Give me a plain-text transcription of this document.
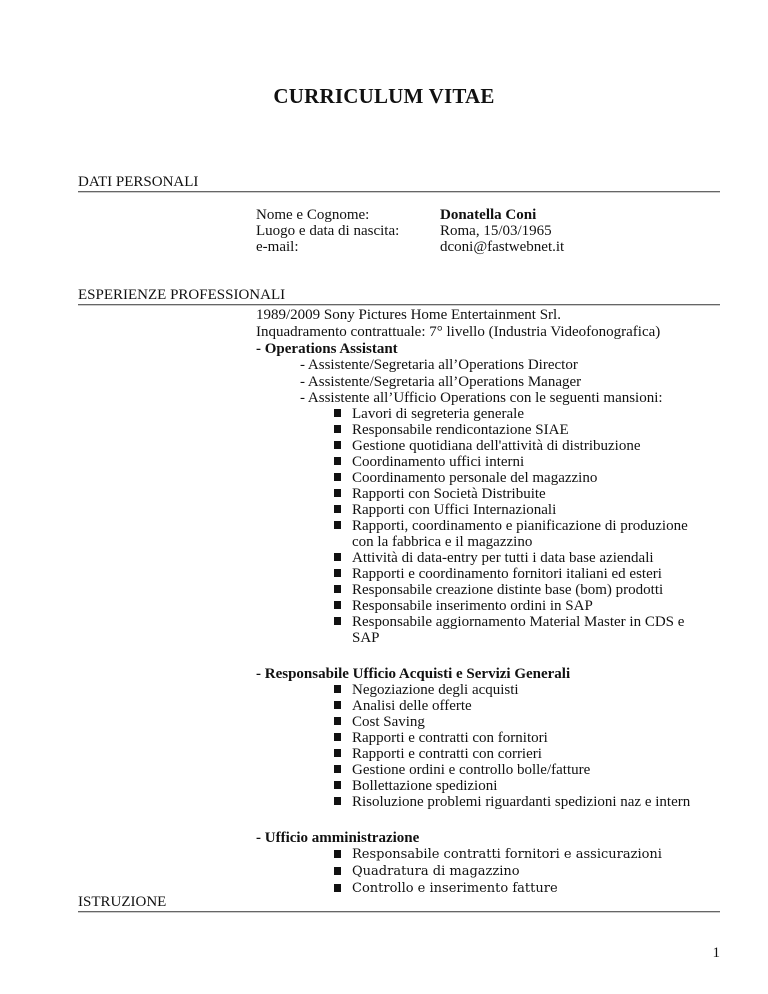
CURRICULUM VITAE
DATI PERSONALI
Nome e Cognome:
Luogo e data di nascita:
e-mail:
Donatella Coni
Roma, 15/03/1965
dconi@fastwebnet.it
ESPERIENZE PROFESSIONALI
1989/2009 Sony Pictures Home Entertainment Srl.
Inquadramento contrattuale: 7° livello (Industria Videofonografica)
- Operations Assistant
- Assistente/Segretaria all’Operations Director
- Assistente/Segretaria all’Operations Manager
- Assistente all’Ufficio Operations con le seguenti mansioni:
Lavori di segreteria generale
Responsabile rendicontazione SIAE
Gestione quotidiana dell'attività di distribuzione
Coordinamento uffici interni
Coordinamento personale del magazzino
Rapporti con Società Distribuite
Rapporti con Uffici Internazionali
Rapporti, coordinamento e pianificazione di produzione
con la fabbrica e il magazzino
Attività di data-entry per tutti i data base aziendali
Rapporti e coordinamento fornitori italiani ed esteri
Responsabile creazione distinte base (bom) prodotti
Responsabile inserimento ordini in SAP
Responsabile aggiornamento Material Master in CDS e
SAP
- Responsabile Ufficio Acquisti e Servizi Generali
Negoziazione degli acquisti
Analisi delle offerte
Cost Saving
Rapporti e contratti con fornitori
Rapporti e contratti con corrieri
Gestione ordini e controllo bolle/fatture
Bollettazione spedizioni
Risoluzione problemi riguardanti spedizioni naz e intern
- Ufficio amministrazione
Responsabile contratti fornitori e assicurazioni
Quadratura di magazzino
Controllo e inserimento fatture
ISTRUZIONE
1
